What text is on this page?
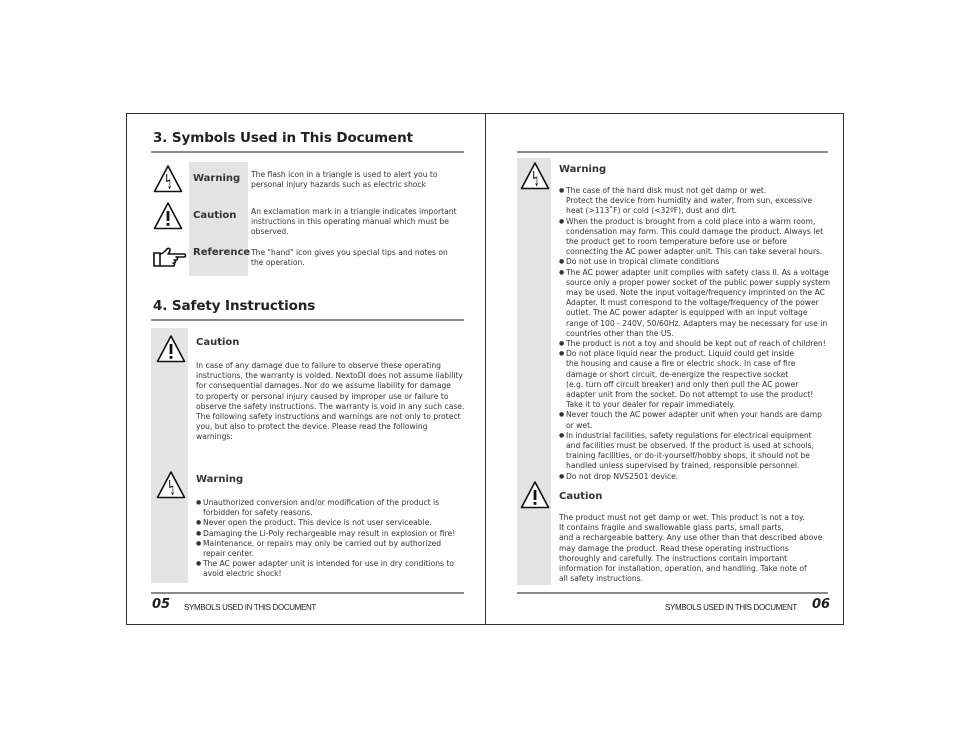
3. Symbols Used in This Document
Warning The flash icon in a triangle is used to alert you to
personal injury hazards such as electric shock
Caution An exclamation mark in a triangle indicates important
instructions in this operating manual which must be
observed.
Reference The "hand" icon gives you special tips and notes on
the operation.
4. Safety Instructions
Caution

In case of any damage due to failure to observe these operating
instructions, the warranty is voided. NextoDI does not assume liability
for consequential damages. Nor do we assume liability for damage
to property or personal injury caused by improper use or failure to
observe the safety instructions. The warranty is void in any such case.
The following safety instructions and warnings are not only to protect
you, but also to protect the device. Please read the following
warnings:

Warning
● Unauthorized conversion and/or modification of the product is
forbidden for safety reasons.
● Never open the product. This device is not user serviceable.
● Damaging the Li-Poly rechargeable may result in explosion or fire!
● Maintenance, or repairs may only be carried out by authorized
repair center.
● The AC power adapter unit is intended for use in dry conditions to
avoid electric shock!
05 SYMBOLS USED IN THIS DOCUMENT
Warning
● The case of the hard disk must not get damp or wet.
Protect the device from humidity and water, from sun, excessive
heat (>113˚F) or cold (<32ºF), dust and dirt.
● When the product is brought from a cold place into a warm room,
condensation may form. This could damage the product. Always let
the product get to room temperature before use or before
connecting the AC power adapter unit. This can take several hours.
● Do not use in tropical climate conditions
● The AC power adapter unit complies with safety class II. As a voltage
source only a proper power socket of the public power supply system
may be used. Note the input voltage/frequency imprinted on the AC
Adapter. It must correspond to the voltage/frequency of the power
outlet. The AC power adapter is equipped with an input voltage
range of 100 - 240V, 50/60Hz. Adapters may be necessary for use in
countries other than the US.
● The product is not a toy and should be kept out of reach of children!
● Do not place liquid near the product. Liquid could get inside
the housing and cause a fire or electric shock. In case of fire
damage or short circuit, de-energize the respective socket
(e.g. turn off circuit breaker) and only then pull the AC power
adapter unit from the socket. Do not attempt to use the product!
Take it to your dealer for repair immediately.
● Never touch the AC power adapter unit when your hands are damp
or wet.
● In industrial facilities, safety regulations for electrical equipment
and facilities must be observed. If the product is used at schools,
training facilities, or do-it-yourself/hobby shops, it should not be
handled unless supervised by trained, responsible personnel.
● Do not drop NVS2501 device.
Caution

The product must not get damp or wet. This product is not a toy.
It contains fragile and swallowable glass parts, small parts,
and a rechargeable battery. Any use other than that described above
may damage the product. Read these operating instructions
thoroughly and carefully. The instructions contain important
information for installation, operation, and handling. Take note of
all safety instructions.

SYMBOLS USED IN THIS DOCUMENT 06
